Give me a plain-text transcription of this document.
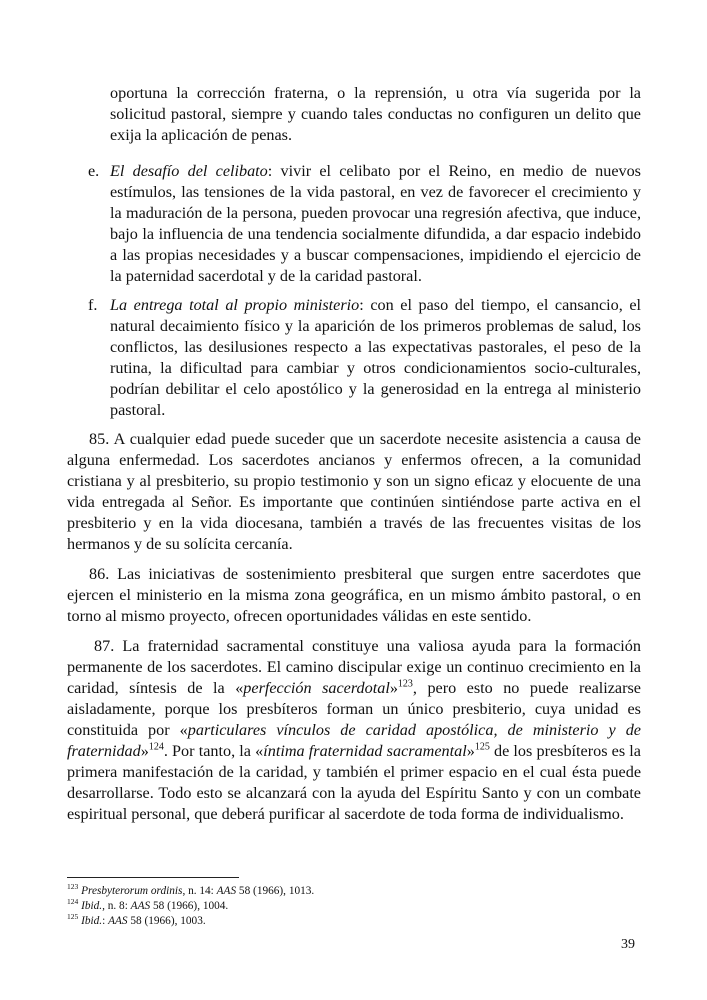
oportuna la corrección fraterna, o la reprensión, u otra vía sugerida por la solicitud pastoral, siempre y cuando tales conductas no configuren un delito que exija la aplicación de penas.
e. El desafío del celibato: vivir el celibato por el Reino, en medio de nuevos estímulos, las tensiones de la vida pastoral, en vez de favorecer el crecimiento y la maduración de la persona, pueden provocar una regresión afectiva, que induce, bajo la influencia de una tendencia socialmente difundida, a dar espacio indebido a las propias necesidades y a buscar compensaciones, impidiendo el ejercicio de la paternidad sacerdotal y de la caridad pastoral.
f. La entrega total al propio ministerio: con el paso del tiempo, el cansancio, el natural decaimiento físico y la aparición de los primeros problemas de salud, los conflictos, las desilusiones respecto a las expectativas pastorales, el peso de la rutina, la dificultad para cambiar y otros condicionamientos socio-culturales, podrían debilitar el celo apostólico y la generosidad en la entrega al ministerio pastoral.

85. A cualquier edad puede suceder que un sacerdote necesite asistencia a causa de alguna enfermedad. Los sacerdotes ancianos y enfermos ofrecen, a la comunidad cristiana y al presbiterio, su propio testimonio y son un signo eficaz y elocuente de una vida entregada al Señor. Es importante que continúen sintiéndose parte activa en el presbiterio y en la vida diocesana, también a través de las frecuentes visitas de los hermanos y de su solícita cercanía.

86. Las iniciativas de sostenimiento presbiteral que surgen entre sacerdotes que ejercen el ministerio en la misma zona geográfica, en un mismo ámbito pastoral, o en torno al mismo proyecto, ofrecen oportunidades válidas en este sentido.

87. La fraternidad sacramental constituye una valiosa ayuda para la formación permanente de los sacerdotes. El camino discipular exige un continuo crecimiento en la caridad, síntesis de la «perfección sacerdotal»$^{123}$, pero esto no puede realizarse aisladamente, porque los presbíteros forman un único presbiterio, cuya unidad es constituida por «particulares vínculos de caridad apostólica, de ministerio y de fraternidad»$^{124}$. Por tanto, la «íntima fraternidad sacramental»$^{125}$ de los presbíteros es la primera manifestación de la caridad, y también el primer espacio en el cual ésta puede desarrollarse. Todo esto se alcanzará con la ayuda del Espíritu Santo y con un combate espiritual personal, que deberá purificar al sacerdote de toda forma de individualismo.

$^{123}$ Presbyterorum ordinis, n. 14: AAS 58 (1966), 1013.
$^{124}$ Ibid., n. 8: AAS 58 (1966), 1004.
$^{125}$ Ibid.: AAS 58 (1966), 1003.
39
